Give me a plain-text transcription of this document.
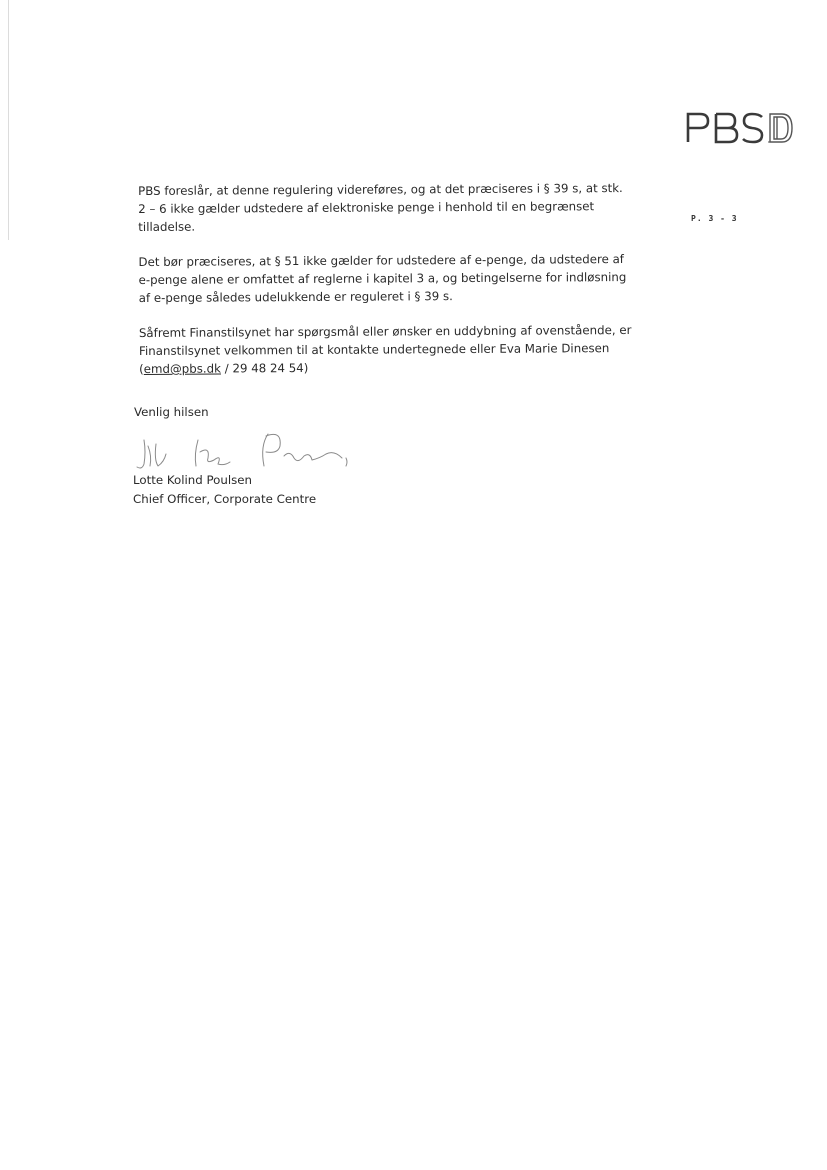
P. 3 - 3

PBS foreslår, at denne regulering videreføres, og at det præciseres i § 39 s, at stk.
2 – 6 ikke gælder udstedere af elektroniske penge i henhold til en begrænset
tilladelse.

Det bør præciseres, at § 51 ikke gælder for udstedere af e-penge, da udstedere af
e-penge alene er omfattet af reglerne i kapitel 3 a, og betingelserne for indløsning
af e-penge således udelukkende er reguleret i § 39 s.

Såfremt Finanstilsynet har spørgsmål eller ønsker en uddybning af ovenstående, er
Finanstilsynet velkommen til at kontakte undertegnede eller Eva Marie Dinesen
(emd@pbs.dk / 29 48 24 54)

Venlig hilsen
Lotte Kolind Poulsen
Chief Officer, Corporate Centre
